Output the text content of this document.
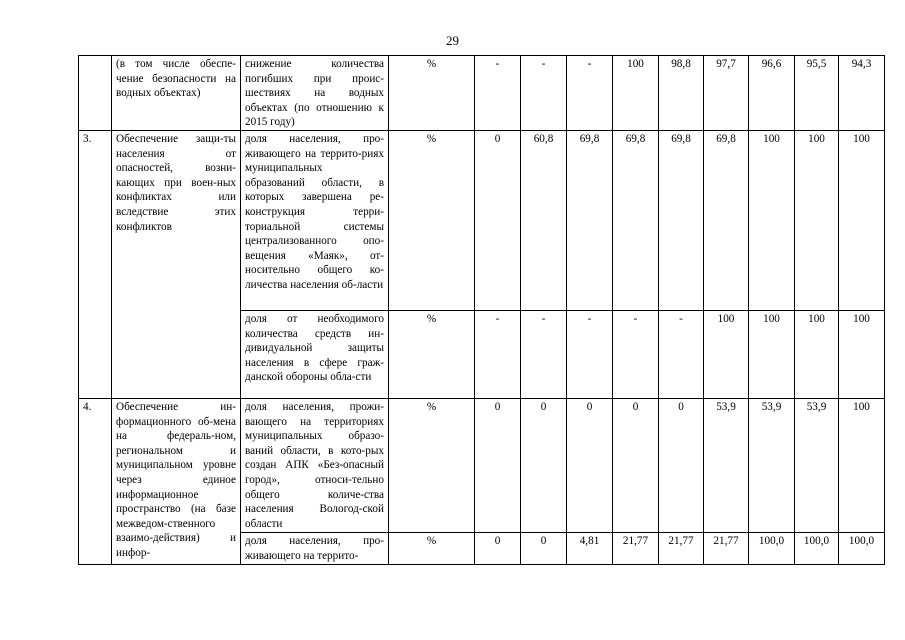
29
	(в том числе обеспе-чение безопасности на водных объектах)	снижение количества погибших при проис-шествиях на водных объектах (по отношению к 2015 году)	%	-	-	-	100	98,8	97,7	96,6	95,5	94,3
3.	Обеспечение защи-ты населения от опасностей, возни-кающих при воен-ных конфликтах или вследствие этих конфликтов	доля населения, про-живающего на террито-риях муниципальных образований области, в которых завершена ре-конструкция терри-ториальной системы централизованного опо-вещения «Маяк», от-носительно общего ко-личества населения об-ласти	%	0	60,8	69,8	69,8	69,8	69,8	100	100	100
		доля от необходимого количества средств ин-дивидуальной защиты населения в сфере граж-данской обороны обла-сти	%	-	-	-	-	-	100	100	100	100
4.	Обеспечение ин-формационного об-мена на федераль-ном, региональном и муниципальном уровне через единое информационное пространство (на базе межведом-ственного взаимо-действия) и инфор-	доля населения, прожи-вающего на территориях муниципальных образо-ваний области, в кото-рых создан АПК «Без-опасный город», относи-тельно общего количе-ства населения Вологод-ской области	%	0	0	0	0	0	53,9	53,9	53,9	100
		доля населения, про-живающего на террито-	%	0	0	4,81	21,77	21,77	21,77	100,0	100,0	100,0
